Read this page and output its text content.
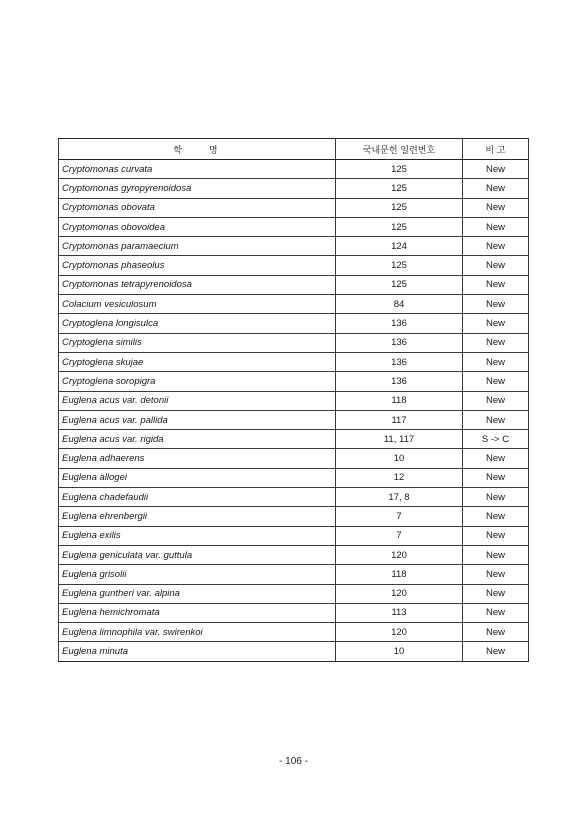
학 명	국내문헌 일련번호	비 고
Cryptomonas curvata	125	New
Cryptomonas gyropyrenoidosa	125	New
Cryptomonas obovata	125	New
Cryptomonas obovoidea	125	New
Cryptomonas paramaecium	124	New
Cryptomonas phaseolus	125	New
Cryptomonas tetrapyrenoidosa	125	New
Colacium vesiculosum	84	New
Cryptoglena longisulca	136	New
Cryptoglena similis	136	New
Cryptoglena skujae	136	New
Cryptoglena soropigra	136	New
Euglena acus var. detonii	118	New
Euglena acus var. pallida	117	New
Euglena acus var. rigida	11, 117	S -> C
Euglena adhaerens	10	New
Euglena allogei	12	New
Euglena chadefaudii	17, 8	New
Euglena ehrenbergii	7	New
Euglena exilis	7	New
Euglena geniculata var. guttula	120	New
Euglena grisolii	118	New
Euglena guntheri var. alpina	120	New
Euglena hemichromata	113	New
Euglena limnophila var. swirenkoi	120	New
Euglena minuta	10	New
- 106 -
